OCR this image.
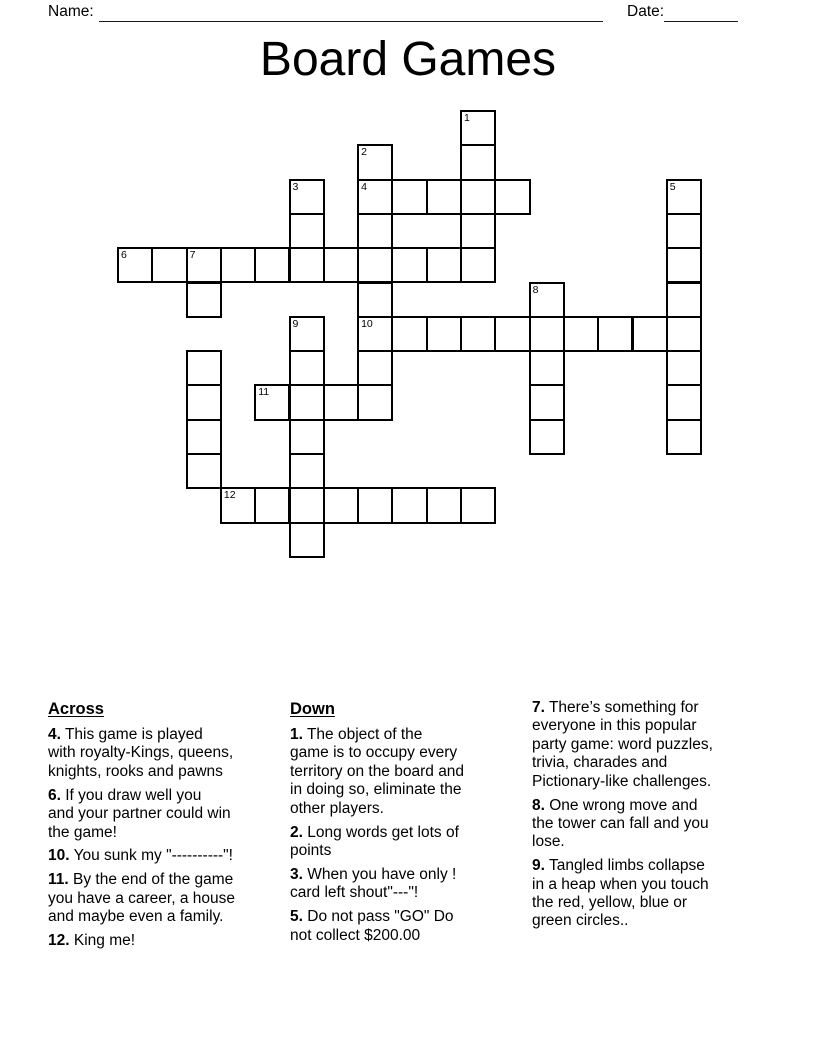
Name:	Date:
Board Games
1
2
3	4	5
6	7
8
9	10
11
12
Across

4. This game is played
with royalty-Kings, queens,
knights, rooks and pawns

6. If you draw well you
and your partner could win
the game!

10. You sunk my "----------"!

11. By the end of the game
you have a career, a house
and maybe even a family.

12. King me!

Down

1. The object of the
game is to occupy every
territory on the board and
in doing so, eliminate the
other players.

2. Long words get lots of
points

3. When you have only !
card left shout"---"!

5. Do not pass "GO" Do
not collect $200.00

7. There’s something for
everyone in this popular
party game: word puzzles,
trivia, charades and
Pictionary-like challenges.

8. One wrong move and
the tower can fall and you
lose.

9. Tangled limbs collapse
in a heap when you touch
the red, yellow, blue or
green circles..
